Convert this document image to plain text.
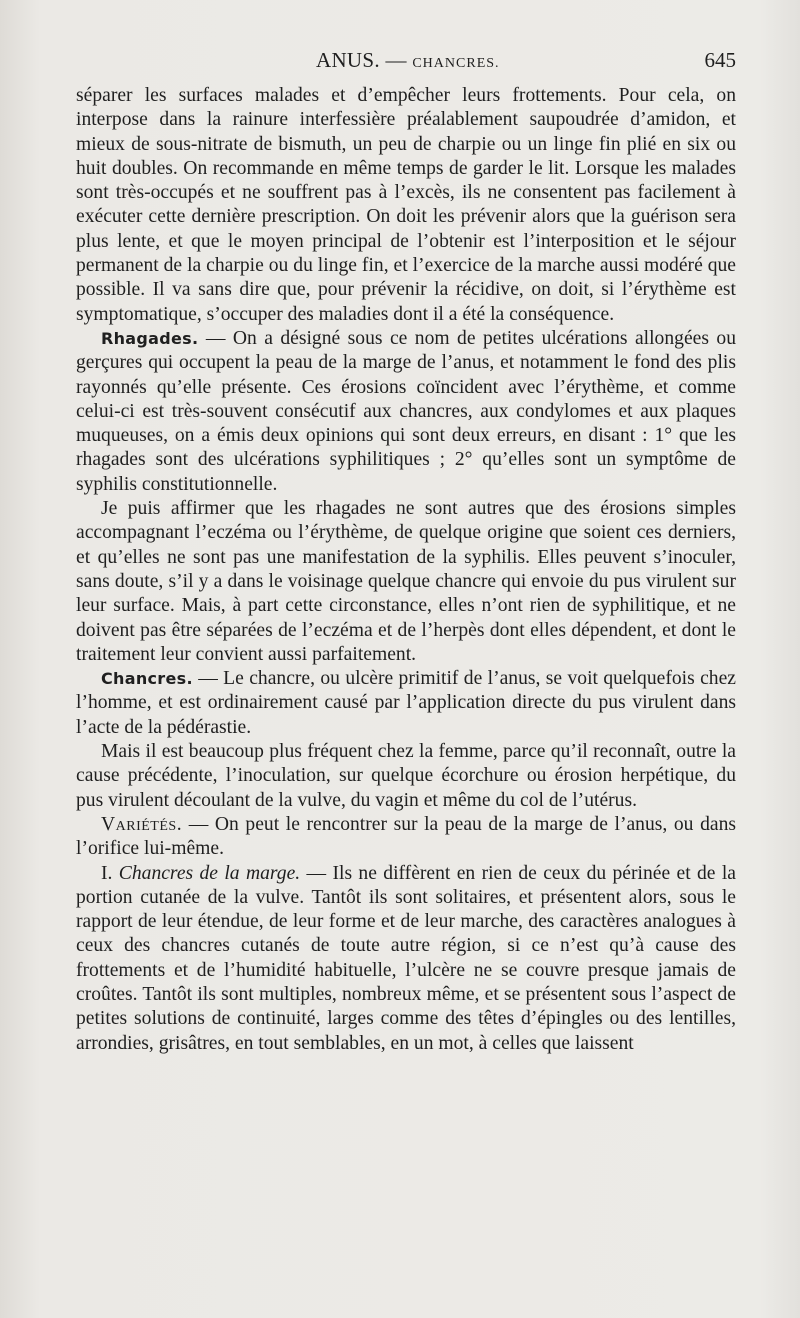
ANUS. — CHANCRES.	645

séparer les surfaces malades et d’empêcher leurs frottements. Pour cela, on interpose dans la rainure interfessière préalablement saupoudrée d’amidon, et mieux de sous-nitrate de bismuth, un peu de charpie ou un linge fin plié en six ou huit doubles. On recommande en même temps de garder le lit. Lorsque les malades sont très-occupés et ne souffrent pas à l’excès, ils ne consentent pas facilement à exécuter cette dernière prescription. On doit les prévenir alors que la guérison sera plus lente, et que le moyen principal de l’obtenir est l’interposition et le séjour permanent de la charpie ou du linge fin, et l’exercice de la marche aussi modéré que possible. Il va sans dire que, pour prévenir la récidive, on doit, si l’érythème est symptomatique, s’occuper des maladies dont il a été la conséquence.

Rhagades. — On a désigné sous ce nom de petites ulcérations allongées ou gerçures qui occupent la peau de la marge de l’anus, et notamment le fond des plis rayonnés qu’elle présente. Ces érosions coïncident avec l’érythème, et comme celui-ci est très-souvent consécutif aux chancres, aux condylomes et aux plaques muqueuses, on a émis deux opinions qui sont deux erreurs, en disant : 1° que les rhagades sont des ulcérations syphilitiques ; 2° qu’elles sont un symptôme de syphilis constitutionnelle.

Je puis affirmer que les rhagades ne sont autres que des érosions simples accompagnant l’eczéma ou l’érythème, de quelque origine que soient ces derniers, et qu’elles ne sont pas une manifestation de la syphilis. Elles peuvent s’inoculer, sans doute, s’il y a dans le voisinage quelque chancre qui envoie du pus virulent sur leur surface. Mais, à part cette circonstance, elles n’ont rien de syphilitique, et ne doivent pas être séparées de l’eczéma et de l’herpès dont elles dépendent, et dont le traitement leur convient aussi parfaitement.

Chancres. — Le chancre, ou ulcère primitif de l’anus, se voit quelquefois chez l’homme, et est ordinairement causé par l’application directe du pus virulent dans l’acte de la pédérastie.

Mais il est beaucoup plus fréquent chez la femme, parce qu’il reconnaît, outre la cause précédente, l’inoculation, sur quelque écorchure ou érosion herpétique, du pus virulent découlant de la vulve, du vagin et même du col de l’utérus.

Variétés. — On peut le rencontrer sur la peau de la marge de l’anus, ou dans l’orifice lui-même.

I. Chancres de la marge. — Ils ne diffèrent en rien de ceux du périnée et de la portion cutanée de la vulve. Tantôt ils sont solitaires, et présentent alors, sous le rapport de leur étendue, de leur forme et de leur marche, des caractères analogues à ceux des chancres cutanés de toute autre région, si ce n’est qu’à cause des frottements et de l’humidité habituelle, l’ulcère ne se couvre presque jamais de croûtes. Tantôt ils sont multiples, nombreux même, et se présentent sous l’aspect de petites solutions de continuité, larges comme des têtes d’épingles ou des lentilles, arrondies, grisâtres, en tout semblables, en un mot, à celles que laissent
